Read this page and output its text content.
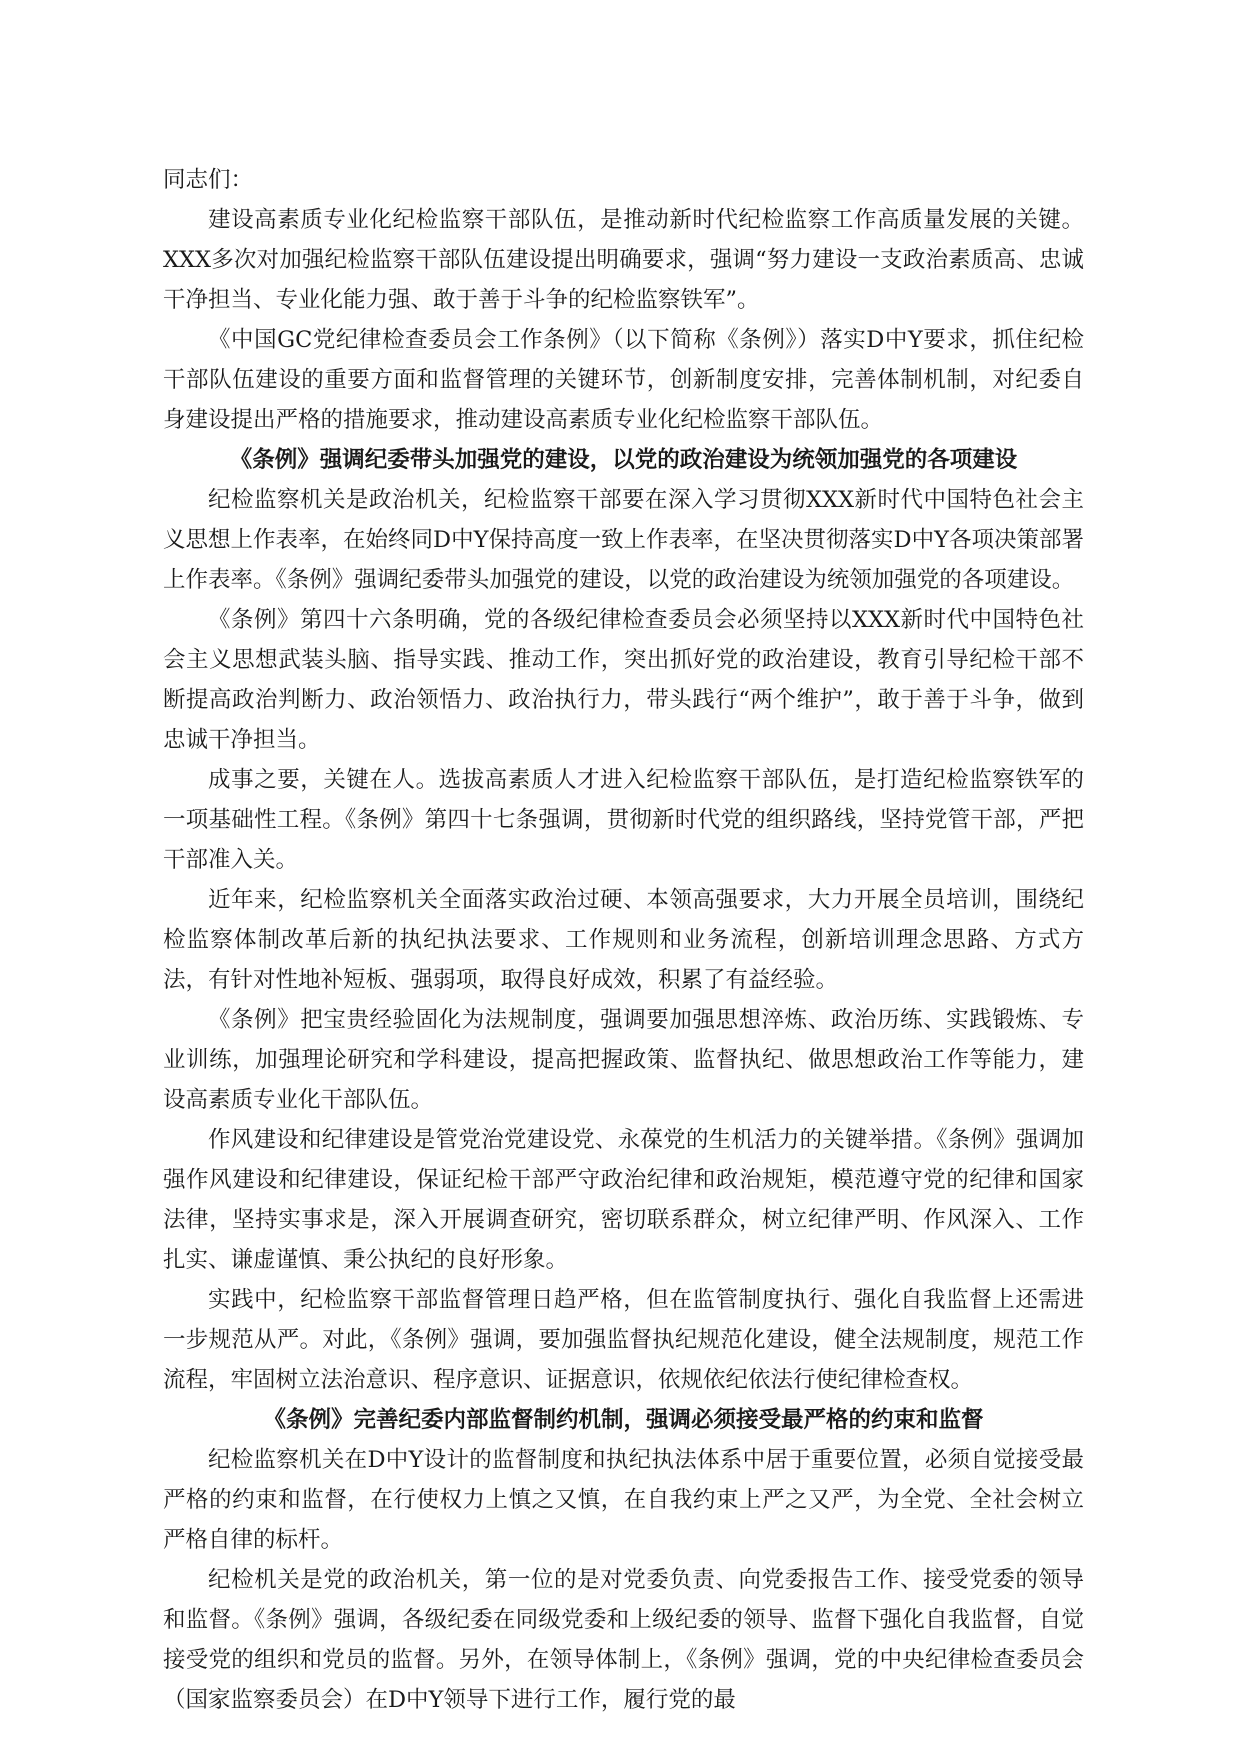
同志们：

建设高素质专业化纪检监察干部队伍，是推动新时代纪检监察工作高质量发展的关键。XXX多次对加强纪检监察干部队伍建设提出明确要求，强调“努力建设一支政治素质高、忠诚干净担当、专业化能力强、敢于善于斗争的纪检监察铁军”。

《中国GC党纪律检查委员会工作条例》（以下简称《条例》）落实D中Y要求，抓住纪检干部队伍建设的重要方面和监督管理的关键环节，创新制度安排，完善体制机制，对纪委自身建设提出严格的措施要求，推动建设高素质专业化纪检监察干部队伍。

《条例》强调纪委带头加强党的建设，以党的政治建设为统领加强党的各项建设

纪检监察机关是政治机关，纪检监察干部要在深入学习贯彻XXX新时代中国特色社会主义思想上作表率，在始终同D中Y保持高度一致上作表率，在坚决贯彻落实D中Y各项决策部署上作表率。《条例》强调纪委带头加强党的建设，以党的政治建设为统领加强党的各项建设。

《条例》第四十六条明确，党的各级纪律检查委员会必须坚持以XXX新时代中国特色社会主义思想武装头脑、指导实践、推动工作，突出抓好党的政治建设，教育引导纪检干部不断提高政治判断力、政治领悟力、政治执行力，带头践行“两个维护”，敢于善于斗争，做到忠诚干净担当。

成事之要，关键在人。选拔高素质人才进入纪检监察干部队伍，是打造纪检监察铁军的一项基础性工程。《条例》第四十七条强调，贯彻新时代党的组织路线，坚持党管干部，严把干部准入关。

近年来，纪检监察机关全面落实政治过硬、本领高强要求，大力开展全员培训，围绕纪检监察体制改革后新的执纪执法要求、工作规则和业务流程，创新培训理念思路、方式方法，有针对性地补短板、强弱项，取得良好成效，积累了有益经验。

《条例》把宝贵经验固化为法规制度，强调要加强思想淬炼、政治历练、实践锻炼、专业训练，加强理论研究和学科建设，提高把握政策、监督执纪、做思想政治工作等能力，建设高素质专业化干部队伍。

作风建设和纪律建设是管党治党建设党、永葆党的生机活力的关键举措。《条例》强调加强作风建设和纪律建设，保证纪检干部严守政治纪律和政治规矩，模范遵守党的纪律和国家法律，坚持实事求是，深入开展调查研究，密切联系群众，树立纪律严明、作风深入、工作扎实、谦虚谨慎、秉公执纪的良好形象。

实践中，纪检监察干部监督管理日趋严格，但在监管制度执行、强化自我监督上还需进一步规范从严。对此，《条例》强调，要加强监督执纪规范化建设，健全法规制度，规范工作流程，牢固树立法治意识、程序意识、证据意识，依规依纪依法行使纪律检查权。

《条例》完善纪委内部监督制约机制，强调必须接受最严格的约束和监督

纪检监察机关在D中Y设计的监督制度和执纪执法体系中居于重要位置，必须自觉接受最严格的约束和监督，在行使权力上慎之又慎，在自我约束上严之又严，为全党、全社会树立严格自律的标杆。

纪检机关是党的政治机关，第一位的是对党委负责、向党委报告工作、接受党委的领导和监督。《条例》强调，各级纪委在同级党委和上级纪委的领导、监督下强化自我监督，自觉接受党的组织和党员的监督。另外，在领导体制上，《条例》强调，党的中央纪律检查委员会（国家监察委员会）在D中Y领导下进行工作，履行党的最
